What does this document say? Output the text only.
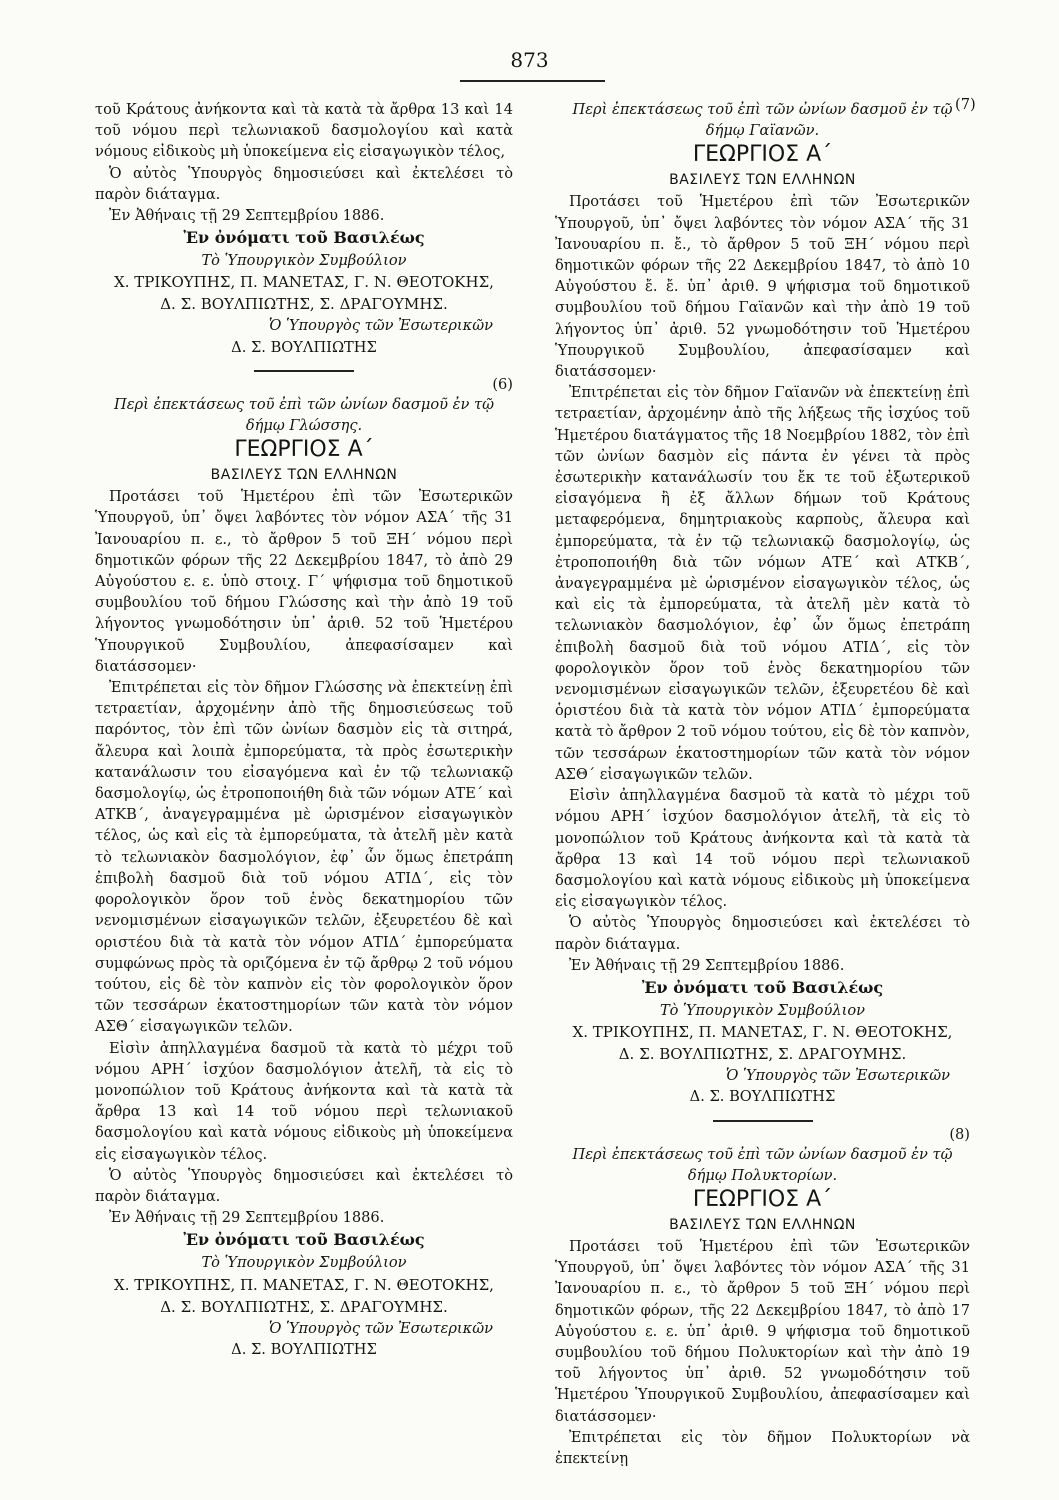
873

τοῦ Κράτους ἀνήκοντα καὶ τὰ κατὰ τὰ ἄρθρα 13 καὶ 14 τοῦ νόμου περὶ τελωνιακοῦ δασμολογίου καὶ κατὰ νόμους εἰδικοὺς μὴ ὑποκείμενα εἰς εἰσαγωγικὸν τέλος,

Ὁ αὐτὸς Ὑπουργὸς δημοσιεύσει καὶ ἐκτελέσει τὸ παρὸν διάταγμα.

Ἐν Ἀθήναις τῇ 29 Σεπτεμβρίου 1886.

Ἐν ὀνόματι τοῦ Βασιλέως

Τὸ Ὑπουργικὸν Συμβούλιον

Χ. ΤΡΙΚΟΥΠΗΣ, Π. ΜΑΝΕΤΑΣ, Γ. Ν. ΘΕΟΤΟΚΗΣ,

Δ. Σ. ΒΟΥΛΠΙΩΤΗΣ, Σ. ΔΡΑΓΟΥΜΗΣ.

Ὁ Ὑπουργὸς τῶν Ἐσωτερικῶν

Δ. Σ. ΒΟΥΛΠΙΩΤΗΣ

(6)

Περὶ ἐπεκτάσεως τοῦ ἐπὶ τῶν ὠνίων δασμοῦ ἐν τῷ δήμῳ Γλώσσης.

ΓΕΩΡΓΙΟΣ Α΄

ΒΑΣΙΛΕΥΣ ΤΩΝ ΕΛΛΗΝΩΝ

Προτάσει τοῦ Ἡμετέρου ἐπὶ τῶν Ἐσωτερικῶν Ὑπουργοῦ, ὑπ᾽ ὄψει λαβόντες τὸν νόμον ΑΣΑ΄ τῆς 31 Ἰανουαρίου π. ε., τὸ ἄρθρον 5 τοῦ ΞΗ΄ νόμου περὶ δημοτικῶν φόρων τῆς 22 Δεκεμβρίου 1847, τὸ ἀπὸ 29 Αὐγούστου ε. ε. ὑπὸ στοιχ. Γ΄ ψήφισμα τοῦ δημοτικοῦ συμβουλίου τοῦ δήμου Γλώσσης καὶ τὴν ἀπὸ 19 τοῦ λήγοντος γνωμοδότησιν ὑπ᾽ ἀριθ. 52 τοῦ Ἡμετέρου Ὑπουργικοῦ Συμβουλίου, ἀπεφασίσαμεν καὶ διατάσσομεν·

Ἐπιτρέπεται εἰς τὸν δῆμον Γλώσσης νὰ ἐπεκτείνῃ ἐπὶ τετραετίαν, ἀρχομένην ἀπὸ τῆς δημοσιεύσεως τοῦ παρόντος, τὸν ἐπὶ τῶν ὠνίων δασμὸν εἰς τὰ σιτηρά, ἄλευρα καὶ λοιπὰ ἐμπορεύματα, τὰ πρὸς ἐσωτερικὴν κατανάλωσιν του εἰσαγόμενα καὶ ἐν τῷ τελωνιακῷ δασμολογίῳ, ὡς ἐτροποποιήθη διὰ τῶν νόμων ΑΤΕ΄ καὶ ΑΤΚΒ΄, ἀναγεγραμμένα μὲ ὡρισμένον εἰσαγωγικὸν τέλος, ὡς καὶ εἰς τὰ ἐμπορεύματα, τὰ ἀτελῆ μὲν κατὰ τὸ τελωνιακὸν δασμολόγιον, ἐφ᾽ ὧν ὅμως ἐπετράπη ἐπιβολὴ δασμοῦ διὰ τοῦ νόμου ΑΤΙΔ΄, εἰς τὸν φορολογικὸν ὅρον τοῦ ἑνὸς δεκατημορίου τῶν νενομισμένων εἰσαγωγικῶν τελῶν, ἐξευρετέου δὲ καὶ οριστέου διὰ τὰ κατὰ τὸν νόμον ΑΤΙΔ΄ ἐμπορεύματα συμφώνως πρὸς τὰ οριζόμενα ἐν τῷ ἄρθρῳ 2 τοῦ νόμου τούτου, εἰς δὲ τὸν καπνὸν εἰς τὸν φορολογικὸν ὅρον τῶν τεσσάρων ἑκατοστημορίων τῶν κατὰ τὸν νόμον ΑΣΘ΄ εἰσαγωγικῶν τελῶν.

Εἰσὶν ἀπηλλαγμένα δασμοῦ τὰ κατὰ τὸ μέχρι τοῦ νόμου ΑΡΗ΄ ἰσχύον δασμολόγιον ἀτελῆ, τὰ εἰς τὸ μονοπώλιον τοῦ Κράτους ἀνήκοντα καὶ τὰ κατὰ τὰ ἄρθρα 13 καὶ 14 τοῦ νόμου περὶ τελωνιακοῦ δασμολογίου καὶ κατὰ νόμους εἰδικοὺς μὴ ὑποκείμενα εἰς εἰσαγωγικὸν τέλος.

Ὁ αὐτὸς Ὑπουργὸς δημοσιεύσει καὶ ἐκτελέσει τὸ παρὸν διάταγμα.

Ἐν Ἀθήναις τῇ 29 Σεπτεμβρίου 1886.

Ἐν ὀνόματι τοῦ Βασιλέως

Τὸ Ὑπουργικὸν Συμβούλιον

Χ. ΤΡΙΚΟΥΠΗΣ, Π. ΜΑΝΕΤΑΣ, Γ. Ν. ΘΕΟΤΟΚΗΣ,

Δ. Σ. ΒΟΥΛΠΙΩΤΗΣ, Σ. ΔΡΑΓΟΥΜΗΣ.

Ὁ Ὑπουργὸς τῶν Ἐσωτερικῶν

Δ. Σ. ΒΟΥΛΠΙΩΤΗΣ

(7)

Περὶ ἐπεκτάσεως τοῦ ἐπὶ τῶν ὠνίων δασμοῦ ἐν τῷ δήμῳ Γαϊανῶν.

ΓΕΩΡΓΙΟΣ Α΄

ΒΑΣΙΛΕΥΣ ΤΩΝ ΕΛΛΗΝΩΝ

Προτάσει τοῦ Ἡμετέρου ἐπὶ τῶν Ἐσωτερικῶν Ὑπουργοῦ, ὑπ᾽ ὄψει λαβόντες τὸν νόμον ΑΣΑ΄ τῆς 31 Ἰανουαρίου π. ἔ., τὸ ἄρθρον 5 τοῦ ΞΗ΄ νόμου περὶ δημοτικῶν φόρων τῆς 22 Δεκεμβρίου 1847, τὸ ἀπὸ 10 Αὐγούστου ἔ. ἔ. ὑπ᾽ ἀριθ. 9 ψήφισμα τοῦ δημοτικοῦ συμβουλίου τοῦ δήμου Γαϊανῶν καὶ τὴν ἀπὸ 19 τοῦ λήγοντος ὑπ᾽ ἀριθ. 52 γνωμοδότησιν τοῦ Ἡμετέρου Ὑπουργικοῦ Συμβουλίου, ἀπεφασίσαμεν καὶ διατάσσομεν·

Ἐπιτρέπεται εἰς τὸν δῆμον Γαϊανῶν νὰ ἐπεκτείνῃ ἐπὶ τετραετίαν, ἀρχομένην ἀπὸ τῆς λήξεως τῆς ἰσχύος τοῦ Ἡμετέρου διατάγματος τῆς 18 Νοεμβρίου 1882, τὸν ἐπὶ τῶν ὠνίων δασμὸν εἰς πάντα ἐν γένει τὰ πρὸς ἐσωτερικὴν κατανάλωσίν του ἔκ τε τοῦ ἐξωτερικοῦ εἰσαγόμενα ἢ ἐξ ἄλλων δήμων τοῦ Κράτους μεταφερόμενα, δημητριακοὺς καρποὺς, ἄλευρα καὶ ἐμπορεύματα, τὰ ἐν τῷ τελωνιακῷ δασμολογίῳ, ὡς ἐτροποποιήθη διὰ τῶν νόμων ΑΤΕ΄ καὶ ΑΤΚΒ΄, ἀναγεγραμμένα μὲ ὡρισμένον εἰσαγωγικὸν τέλος, ὡς καὶ εἰς τὰ ἐμπορεύματα, τὰ ἀτελῆ μὲν κατὰ τὸ τελωνιακὸν δασμολόγιον, ἐφ᾽ ὧν ὅμως ἐπετράπη ἐπιβολὴ δασμοῦ διὰ τοῦ νόμου ΑΤΙΔ΄, εἰς τὸν φορολογικὸν ὅρον τοῦ ἑνὸς δεκατημορίου τῶν νενομισμένων εἰσαγωγικῶν τελῶν, ἐξευρετέου δὲ καὶ ὁριστέου διὰ τὰ κατὰ τὸν νόμον ΑΤΙΔ΄ ἐμπορεύματα κατὰ τὸ ἄρθρον 2 τοῦ νόμου τούτου, εἰς δὲ τὸν καπνὸν, τῶν τεσσάρων ἑκατοστημορίων τῶν κατὰ τὸν νόμον ΑΣΘ΄ εἰσαγωγικῶν τελῶν.

Εἰσὶν ἀπηλλαγμένα δασμοῦ τὰ κατὰ τὸ μέχρι τοῦ νόμου ΑΡΗ΄ ἰσχύον δασμολόγιον ἀτελῆ, τὰ εἰς τὸ μονοπώλιον τοῦ Κράτους ἀνήκοντα καὶ τὰ κατὰ τὰ ἄρθρα 13 καὶ 14 τοῦ νόμου περὶ τελωνιακοῦ δασμολογίου καὶ κατὰ νόμους εἰδικοὺς μὴ ὑποκείμενα εἰς εἰσαγωγικὸν τέλος.

Ὁ αὐτὸς Ὑπουργὸς δημοσιεύσει καὶ ἐκτελέσει τὸ παρὸν διάταγμα.

Ἐν Ἀθήναις τῇ 29 Σεπτεμβρίου 1886.

Ἐν ὀνόματι τοῦ Βασιλέως

Τὸ Ὑπουργικὸν Συμβούλιον

Χ. ΤΡΙΚΟΥΠΗΣ, Π. ΜΑΝΕΤΑΣ, Γ. Ν. ΘΕΟΤΟΚΗΣ,

Δ. Σ. ΒΟΥΛΠΙΩΤΗΣ, Σ. ΔΡΑΓΟΥΜΗΣ.

Ὁ Ὑπουργὸς τῶν Ἐσωτερικῶν

Δ. Σ. ΒΟΥΛΠΙΩΤΗΣ

(8)

Περὶ ἐπεκτάσεως τοῦ ἐπὶ τῶν ὠνίων δασμοῦ ἐν τῷ δήμῳ Πολυκτορίων.

ΓΕΩΡΓΙΟΣ Α΄

ΒΑΣΙΛΕΥΣ ΤΩΝ ΕΛΛΗΝΩΝ

Προτάσει τοῦ Ἡμετέρου ἐπὶ τῶν Ἐσωτερικῶν Ὑπουργοῦ, ὑπ᾽ ὄψει λαβόντες τὸν νόμον ΑΣΑ΄ τῆς 31 Ἰανουαρίου π. ε., τὸ ἄρθρον 5 τοῦ ΞΗ΄ νόμου περὶ δημοτικῶν φόρων, τῆς 22 Δεκεμβρίου 1847, τὸ ἀπὸ 17 Αὐγούστου ε. ε. ὑπ᾽ ἀριθ. 9 ψήφισμα τοῦ δημοτικοῦ συμβουλίου τοῦ δήμου Πολυκτορίων καὶ τὴν ἀπὸ 19 τοῦ λήγοντος ὑπ᾽ ἀριθ. 52 γνωμοδότησιν τοῦ Ἡμετέρου Ὑπουργικοῦ Συμβουλίου, ἀπεφασίσαμεν καὶ διατάσσομεν·

Ἐπιτρέπεται εἰς τὸν δῆμον Πολυκτορίων νὰ ἐπεκτείνῃ
